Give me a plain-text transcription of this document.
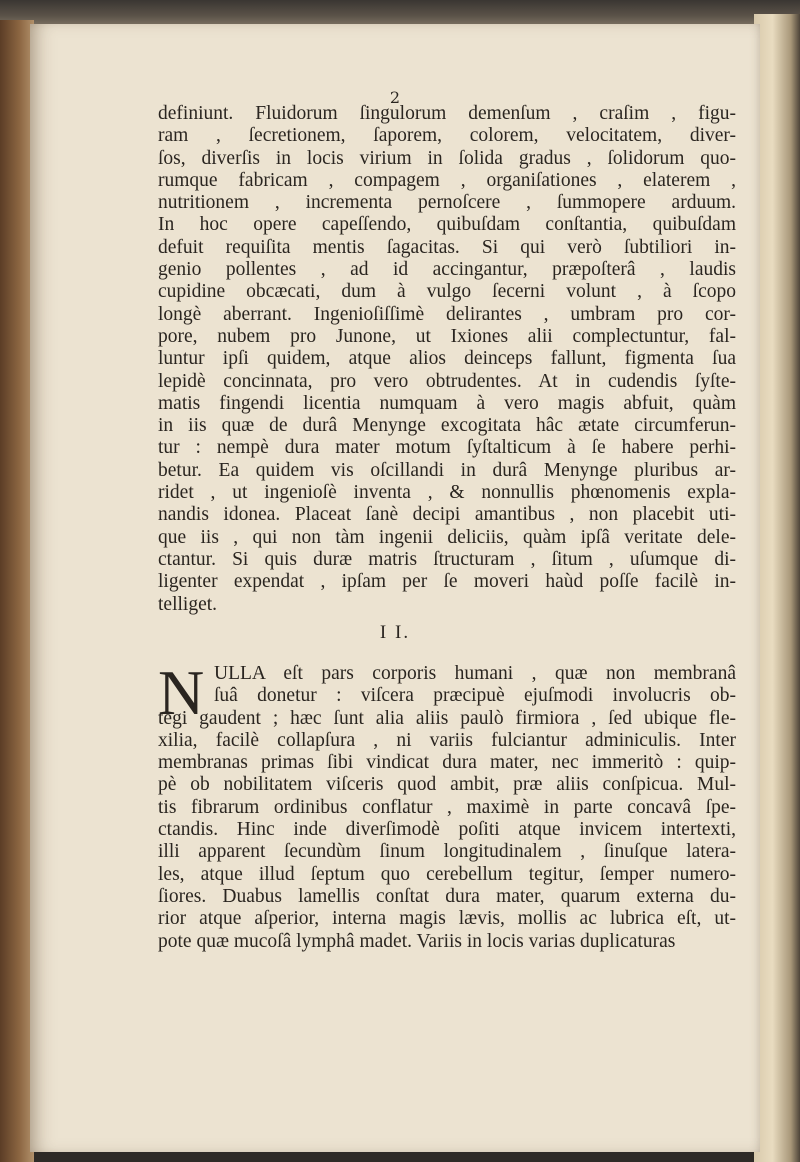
2
definiunt. Fluidorum ſingulorum demenſum , craſim , figu-
ram , ſecretionem, ſaporem, colorem, velocitatem, diver-
ſos, diverſis in locis virium in ſolida gradus , ſolidorum quo-
rumque fabricam , compagem , organiſationes , elaterem ,
nutritionem , incrementa pernoſcere , ſummopere arduum.
In hoc opere capeſſendo, quibuſdam conſtantia, quibuſdam
defuit requiſita mentis ſagacitas. Si qui verò ſubtiliori in-
genio pollentes , ad id accingantur, præpoſterâ , laudis
cupidine obcæcati, dum à vulgo ſecerni volunt , à ſcopo
longè aberrant. Ingenioſiſſimè delirantes , umbram pro cor-
pore, nubem pro Junone, ut Ixiones alii complectuntur, fal-
luntur ipſi quidem, atque alios deinceps fallunt, figmenta ſua
lepidè concinnata, pro vero obtrudentes. At in cudendis ſyſte-
matis fingendi licentia numquam à vero magis abfuit, quàm
in iis quæ de durâ Menynge excogitata hâc ætate circumferun-
tur : nempè dura mater motum ſyſtalticum à ſe habere perhi-
betur. Ea quidem vis oſcillandi in durâ Menynge pluribus ar-
ridet , ut ingenioſè inventa , & nonnullis phœnomenis expla-
nandis idonea. Placeat ſanè decipi amantibus , non placebit uti-
que iis , qui non tàm ingenii deliciis, quàm ipſâ veritate dele-
ctantur. Si quis duræ matris ſtructuram , ſitum , uſumque di-
ligenter expendat , ipſam per ſe moveri haùd poſſe facilè in-
telliget.
I I.
N ULLA eſt pars corporis humani , quæ non membranâ
ſuâ donetur : viſcera præcipuè ejuſmodi involucris ob-
tegi gaudent ; hæc ſunt alia aliis paulò firmiora , ſed ubique fle-
xilia, facilè collapſura , ni variis fulciantur adminiculis. Inter
membranas primas ſibi vindicat dura mater, nec immeritò : quip-
pè ob nobilitatem viſceris quod ambit, præ aliis conſpicua. Mul-
tis fibrarum ordinibus conflatur , maximè in parte concavâ ſpe-
ctandis. Hinc inde diverſimodè poſiti atque invicem intertexti,
illi apparent ſecundùm ſinum longitudinalem , ſinuſque latera-
les, atque illud ſeptum quo cerebellum tegitur, ſemper numero-
ſiores. Duabus lamellis conſtat dura mater, quarum externa du-
rior atque aſperior, interna magis lævis, mollis ac lubrica eſt, ut-
pote quæ mucoſâ lymphâ madet. Variis in locis varias duplicaturas
